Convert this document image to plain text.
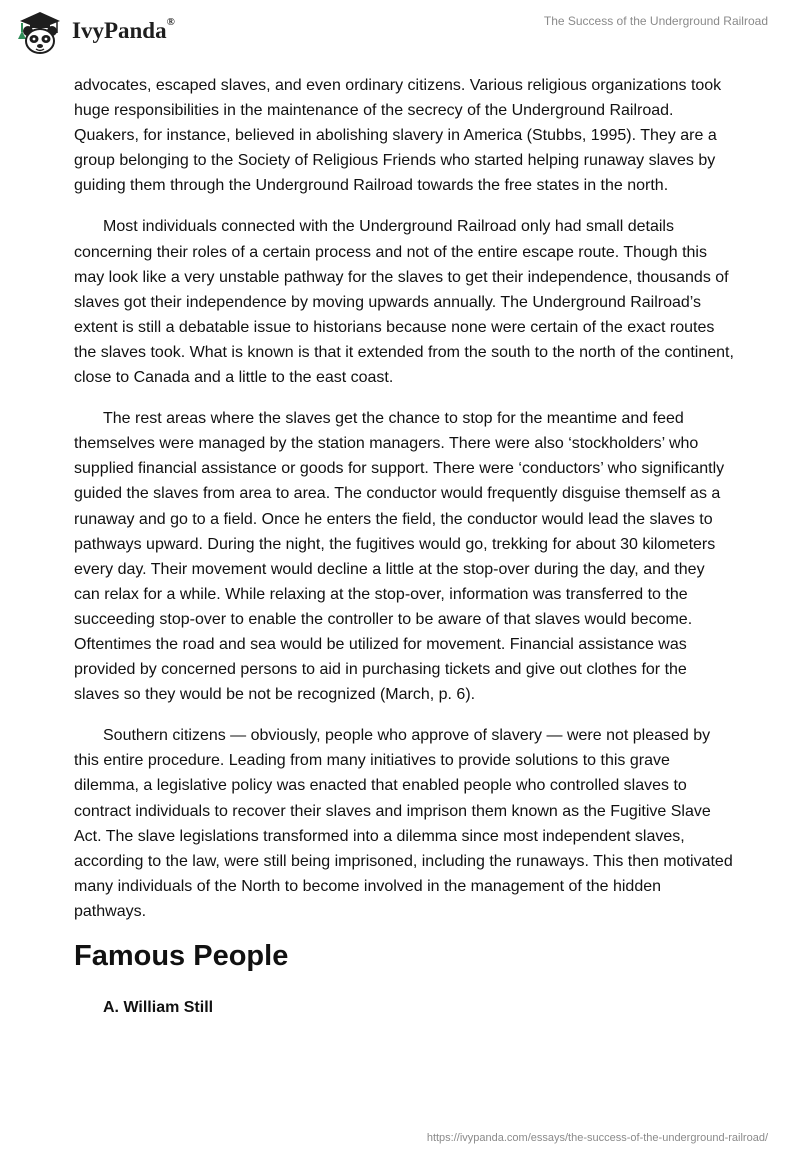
IvyPanda®	The Success of the Underground Railroad

advocates, escaped slaves, and even ordinary citizens. Various religious organizations took huge responsibilities in the maintenance of the secrecy of the Underground Railroad. Quakers, for instance, believed in abolishing slavery in America (Stubbs, 1995). They are a group belonging to the Society of Religious Friends who started helping runaway slaves by guiding them through the Underground Railroad towards the free states in the north.

Most individuals connected with the Underground Railroad only had small details concerning their roles of a certain process and not of the entire escape route. Though this may look like a very unstable pathway for the slaves to get their independence, thousands of slaves got their independence by moving upwards annually. The Underground Railroad’s extent is still a debatable issue to historians because none were certain of the exact routes the slaves took. What is known is that it extended from the south to the north of the continent, close to Canada and a little to the east coast.

The rest areas where the slaves get the chance to stop for the meantime and feed themselves were managed by the station managers. There were also ‘stockholders’ who supplied financial assistance or goods for support. There were ‘conductors’ who significantly guided the slaves from area to area. The conductor would frequently disguise themself as a runaway and go to a field. Once he enters the field, the conductor would lead the slaves to pathways upward. During the night, the fugitives would go, trekking for about 30 kilometers every day. Their movement would decline a little at the stop-over during the day, and they can relax for a while. While relaxing at the stop-over, information was transferred to the succeeding stop-over to enable the controller to be aware of that slaves would become. Oftentimes the road and sea would be utilized for movement. Financial assistance was provided by concerned persons to aid in purchasing tickets and give out clothes for the slaves so they would be not be recognized (March, p. 6).

Southern citizens — obviously, people who approve of slavery — were not pleased by this entire procedure. Leading from many initiatives to provide solutions to this grave dilemma, a legislative policy was enacted that enabled people who controlled slaves to contract individuals to recover their slaves and imprison them known as the Fugitive Slave Act. The slave legislations transformed into a dilemma since most independent slaves, according to the law, were still being imprisoned, including the runaways. This then motivated many individuals of the North to become involved in the management of the hidden pathways.

Famous People
A. William Still
https://ivypanda.com/essays/the-success-of-the-underground-railroad/
